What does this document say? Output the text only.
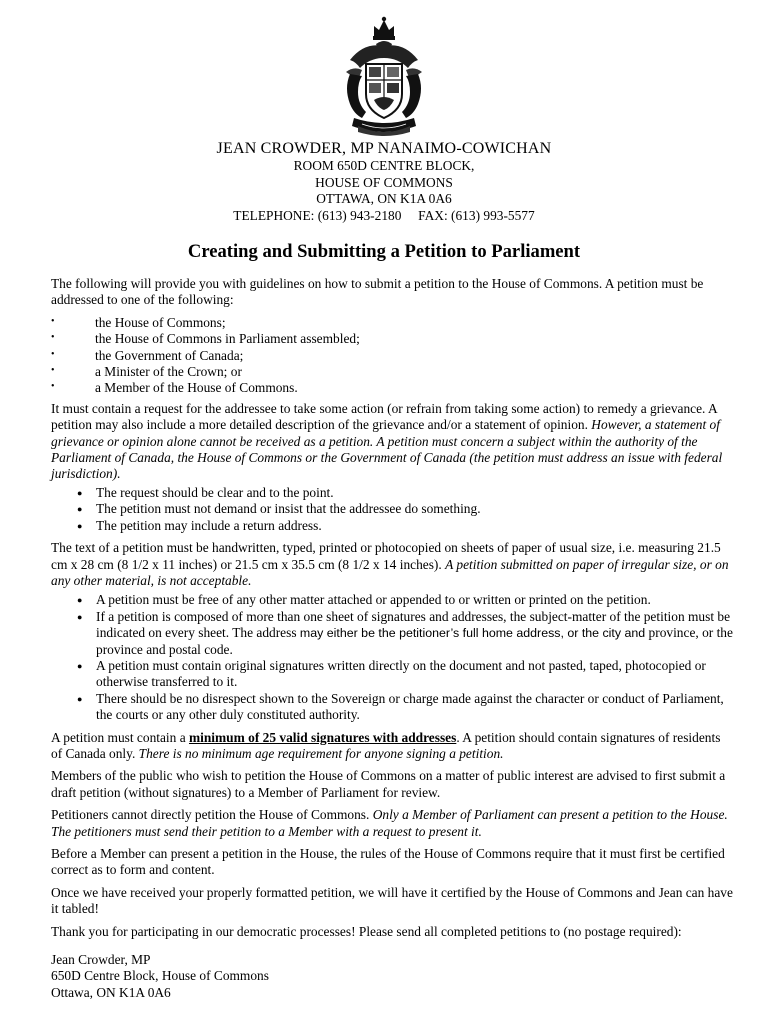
JEAN CROWDER, MP NANAIMO-COWICHAN
ROOM 650D CENTRE BLOCK,
HOUSE OF COMMONS
OTTAWA, ON K1A 0A6
TELEPHONE: (613) 943-2180 FAX: (613) 993-5577
Creating and Submitting a Petition to Parliament

The following will provide you with guidelines on how to submit a petition to the House of Commons. A petition must be addressed to one of the following:

• the House of Commons;
• the House of Commons in Parliament assembled;
• the Government of Canada;
• a Minister of the Crown; or
• a Member of the House of Commons.

It must contain a request for the addressee to take some action (or refrain from taking some action) to remedy a grievance. A petition may also include a more detailed description of the grievance and/or a statement of opinion. However, a statement of grievance or opinion alone cannot be received as a petition. A petition must concern a subject within the authority of the Parliament of Canada, the House of Commons or the Government of Canada (the petition must address an issue with federal jurisdiction).

● The request should be clear and to the point.
● The petition must not demand or insist that the addressee do something.
● The petition may include a return address.

The text of a petition must be handwritten, typed, printed or photocopied on sheets of paper of usual size, i.e. measuring 21.5 cm x 28 cm (8 1/2 x 11 inches) or 21.5 cm x 35.5 cm (8 1/2 x 14 inches). A petition submitted on paper of irregular size, or on any other material, is not acceptable.

● A petition must be free of any other matter attached or appended to or written or printed on the petition.
● If a petition is composed of more than one sheet of signatures and addresses, the subject-matter of the petition must be indicated on every sheet. The address may either be the petitioner’s full home address, or the city and province, or the province and postal code.
● A petition must contain original signatures written directly on the document and not pasted, taped, photocopied or otherwise transferred to it.
● There should be no disrespect shown to the Sovereign or charge made against the character or conduct of Parliament, the courts or any other duly constituted authority.

A petition must contain a minimum of 25 valid signatures with addresses. A petition should contain signatures of residents of Canada only. There is no minimum age requirement for anyone signing a petition.

Members of the public who wish to petition the House of Commons on a matter of public interest are advised to first submit a draft petition (without signatures) to a Member of Parliament for review.

Petitioners cannot directly petition the House of Commons. Only a Member of Parliament can present a petition to the House. The petitioners must send their petition to a Member with a request to present it.

Before a Member can present a petition in the House, the rules of the House of Commons require that it must first be certified correct as to form and content.

Once we have received your properly formatted petition, we will have it certified by the House of Commons and Jean can have it tabled!

Thank you for participating in our democratic processes! Please send all completed petitions to (no postage required):

Jean Crowder, MP
650D Centre Block, House of Commons
Ottawa, ON K1A 0A6
